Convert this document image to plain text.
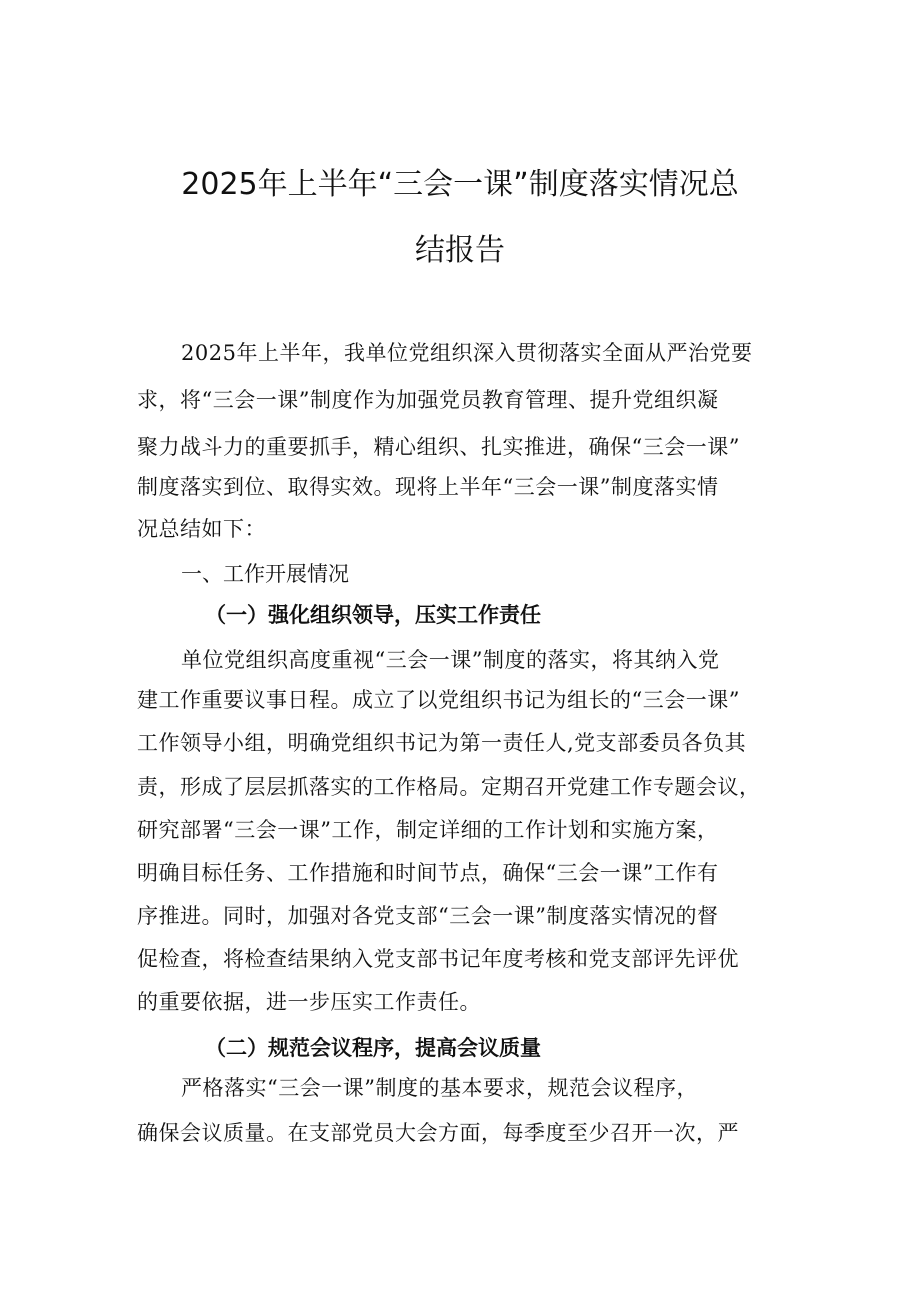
2025年上半年“三会一课”制度落实情况总
结报告
2025年上半年，我单位党组织深入贯彻落实全面从严治党要
求，将“三会一课”制度作为加强党员教育管理、提升党组织凝
聚力战斗力的重要抓手，精心组织、扎实推进，确保“三会一课”
制度落实到位、取得实效。现将上半年“三会一课”制度落实情
况总结如下：
一、工作开展情况
（一）强化组织领导，压实工作责任
单位党组织高度重视“三会一课”制度的落实，将其纳入党
建工作重要议事日程。成立了以党组织书记为组长的“三会一课”
工作领导小组，明确党组织书记为第一责任人,党支部委员各负其
责，形成了层层抓落实的工作格局。定期召开党建工作专题会议，
研究部署“三会一课”工作，制定详细的工作计划和实施方案，
明确目标任务、工作措施和时间节点，确保“三会一课”工作有
序推进。同时，加强对各党支部“三会一课”制度落实情况的督
促检查，将检查结果纳入党支部书记年度考核和党支部评先评优
的重要依据，进一步压实工作责任。
（二）规范会议程序，提高会议质量
严格落实“三会一课”制度的基本要求，规范会议程序，
确保会议质量。在支部党员大会方面，每季度至少召开一次，严
